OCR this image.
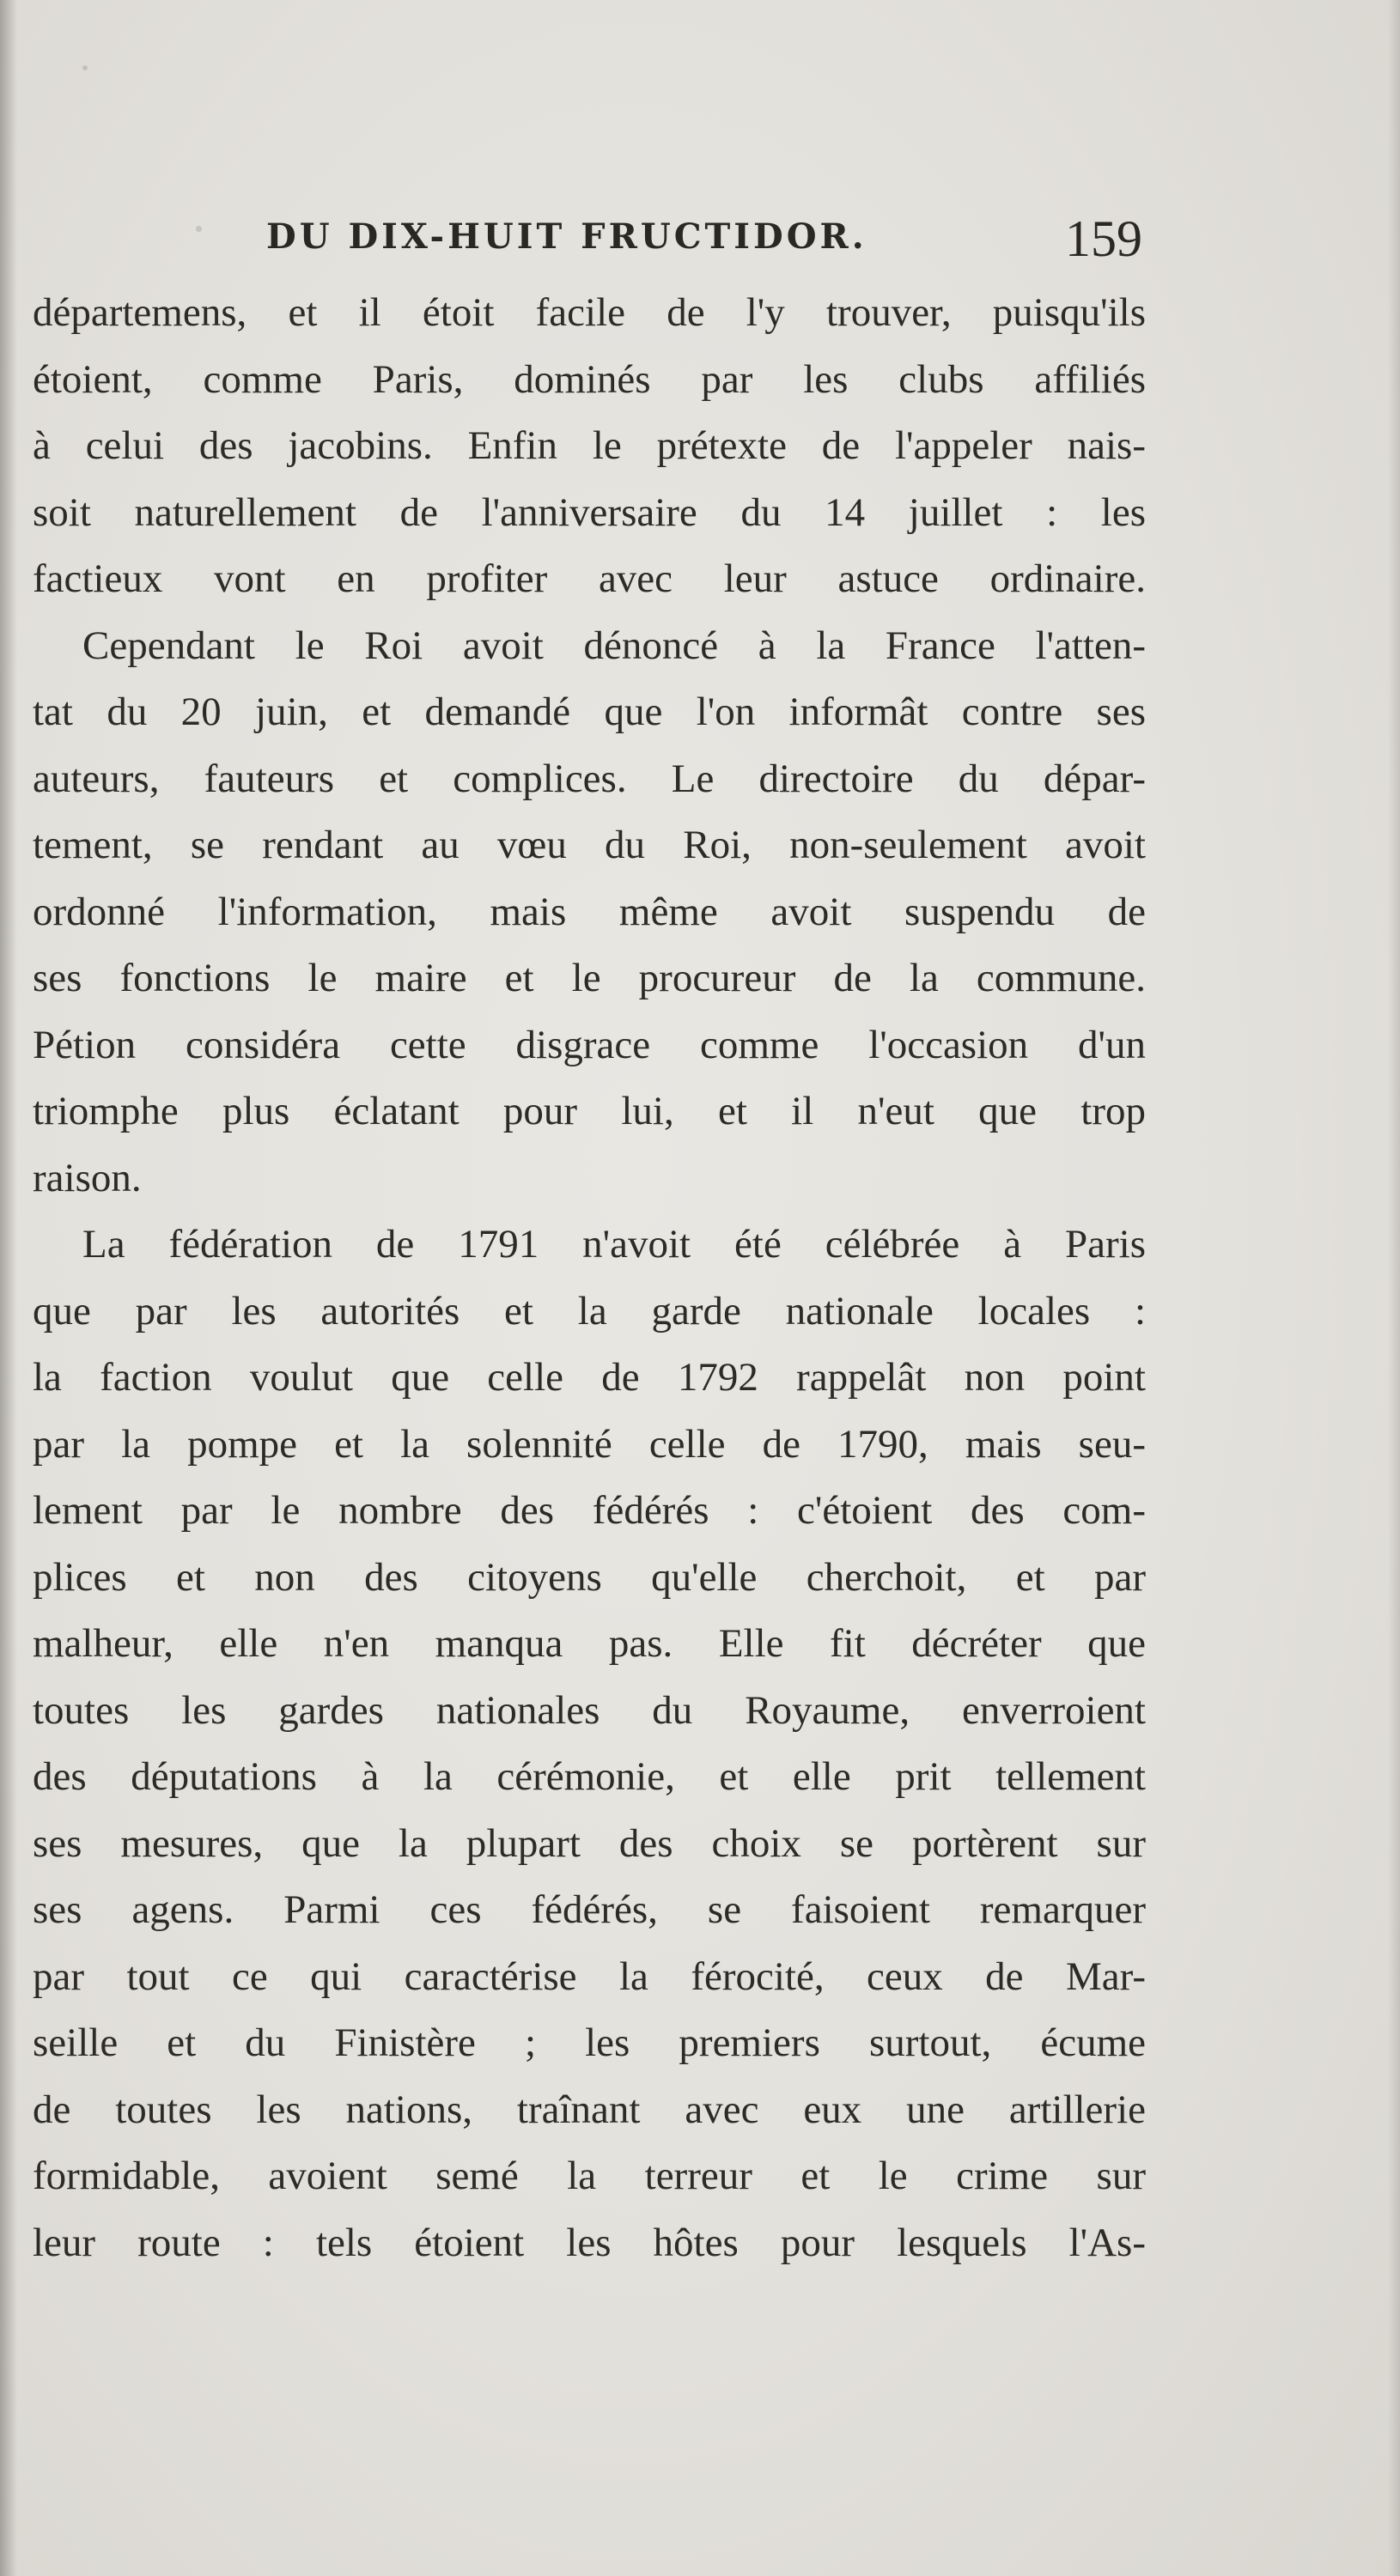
DU DIX-HUIT FRUCTIDOR.	159
départemens, et il étoit facile de l'y trouver, puisqu'ils
étoient, comme Paris, dominés par les clubs affiliés
à celui des jacobins. Enfin le prétexte de l'appeler nais-
soit naturellement de l'anniversaire du 14 juillet : les
factieux vont en profiter avec leur astuce ordinaire.
Cependant le Roi avoit dénoncé à la France l'atten-
tat du 20 juin, et demandé que l'on informât contre ses
auteurs, fauteurs et complices. Le directoire du dépar-
tement, se rendant au vœu du Roi, non-seulement avoit
ordonné l'information, mais même avoit suspendu de
ses fonctions le maire et le procureur de la commune.
Pétion considéra cette disgrace comme l'occasion d'un
triomphe plus éclatant pour lui, et il n'eut que trop
raison.
La fédération de 1791 n'avoit été célébrée à Paris
que par les autorités et la garde nationale locales :
la faction voulut que celle de 1792 rappelât non point
par la pompe et la solennité celle de 1790, mais seu-
lement par le nombre des fédérés : c'étoient des com-
plices et non des citoyens qu'elle cherchoit, et par
malheur, elle n'en manqua pas. Elle fit décréter que
toutes les gardes nationales du Royaume, enverroient
des députations à la cérémonie, et elle prit tellement
ses mesures, que la plupart des choix se portèrent sur
ses agens. Parmi ces fédérés, se faisoient remarquer
par tout ce qui caractérise la férocité, ceux de Mar-
seille et du Finistère ; les premiers surtout, écume
de toutes les nations, traînant avec eux une artillerie
formidable, avoient semé la terreur et le crime sur
leur route : tels étoient les hôtes pour lesquels l'As-
